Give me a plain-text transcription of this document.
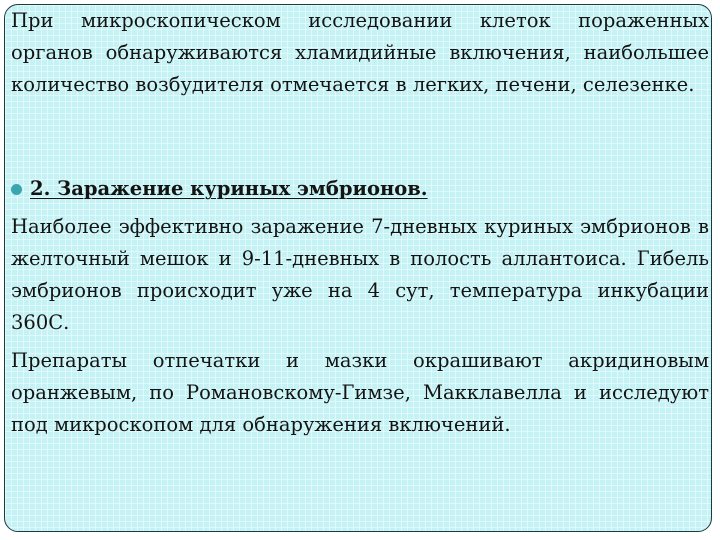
При микроскопическом исследовании клеток пораженных органов обнаруживаются хламидийные включения, наибольшее количество возбудителя отмечается в легких, печени, селезенке.

2. Заражение куриных эмбрионов.

Наиболее эффективно заражение 7-дневных куриных эмбрионов в желточный мешок и 9-11-дневных в полость аллантоиса. Гибель эмбрионов происходит уже на 4 сут, температура инкубации 360С.

Препараты отпечатки и мазки окрашивают акридиновым оранжевым, по Романовскому-Гимзе, Макклавелла и исследуют под микроскопом для обнаружения включений.
